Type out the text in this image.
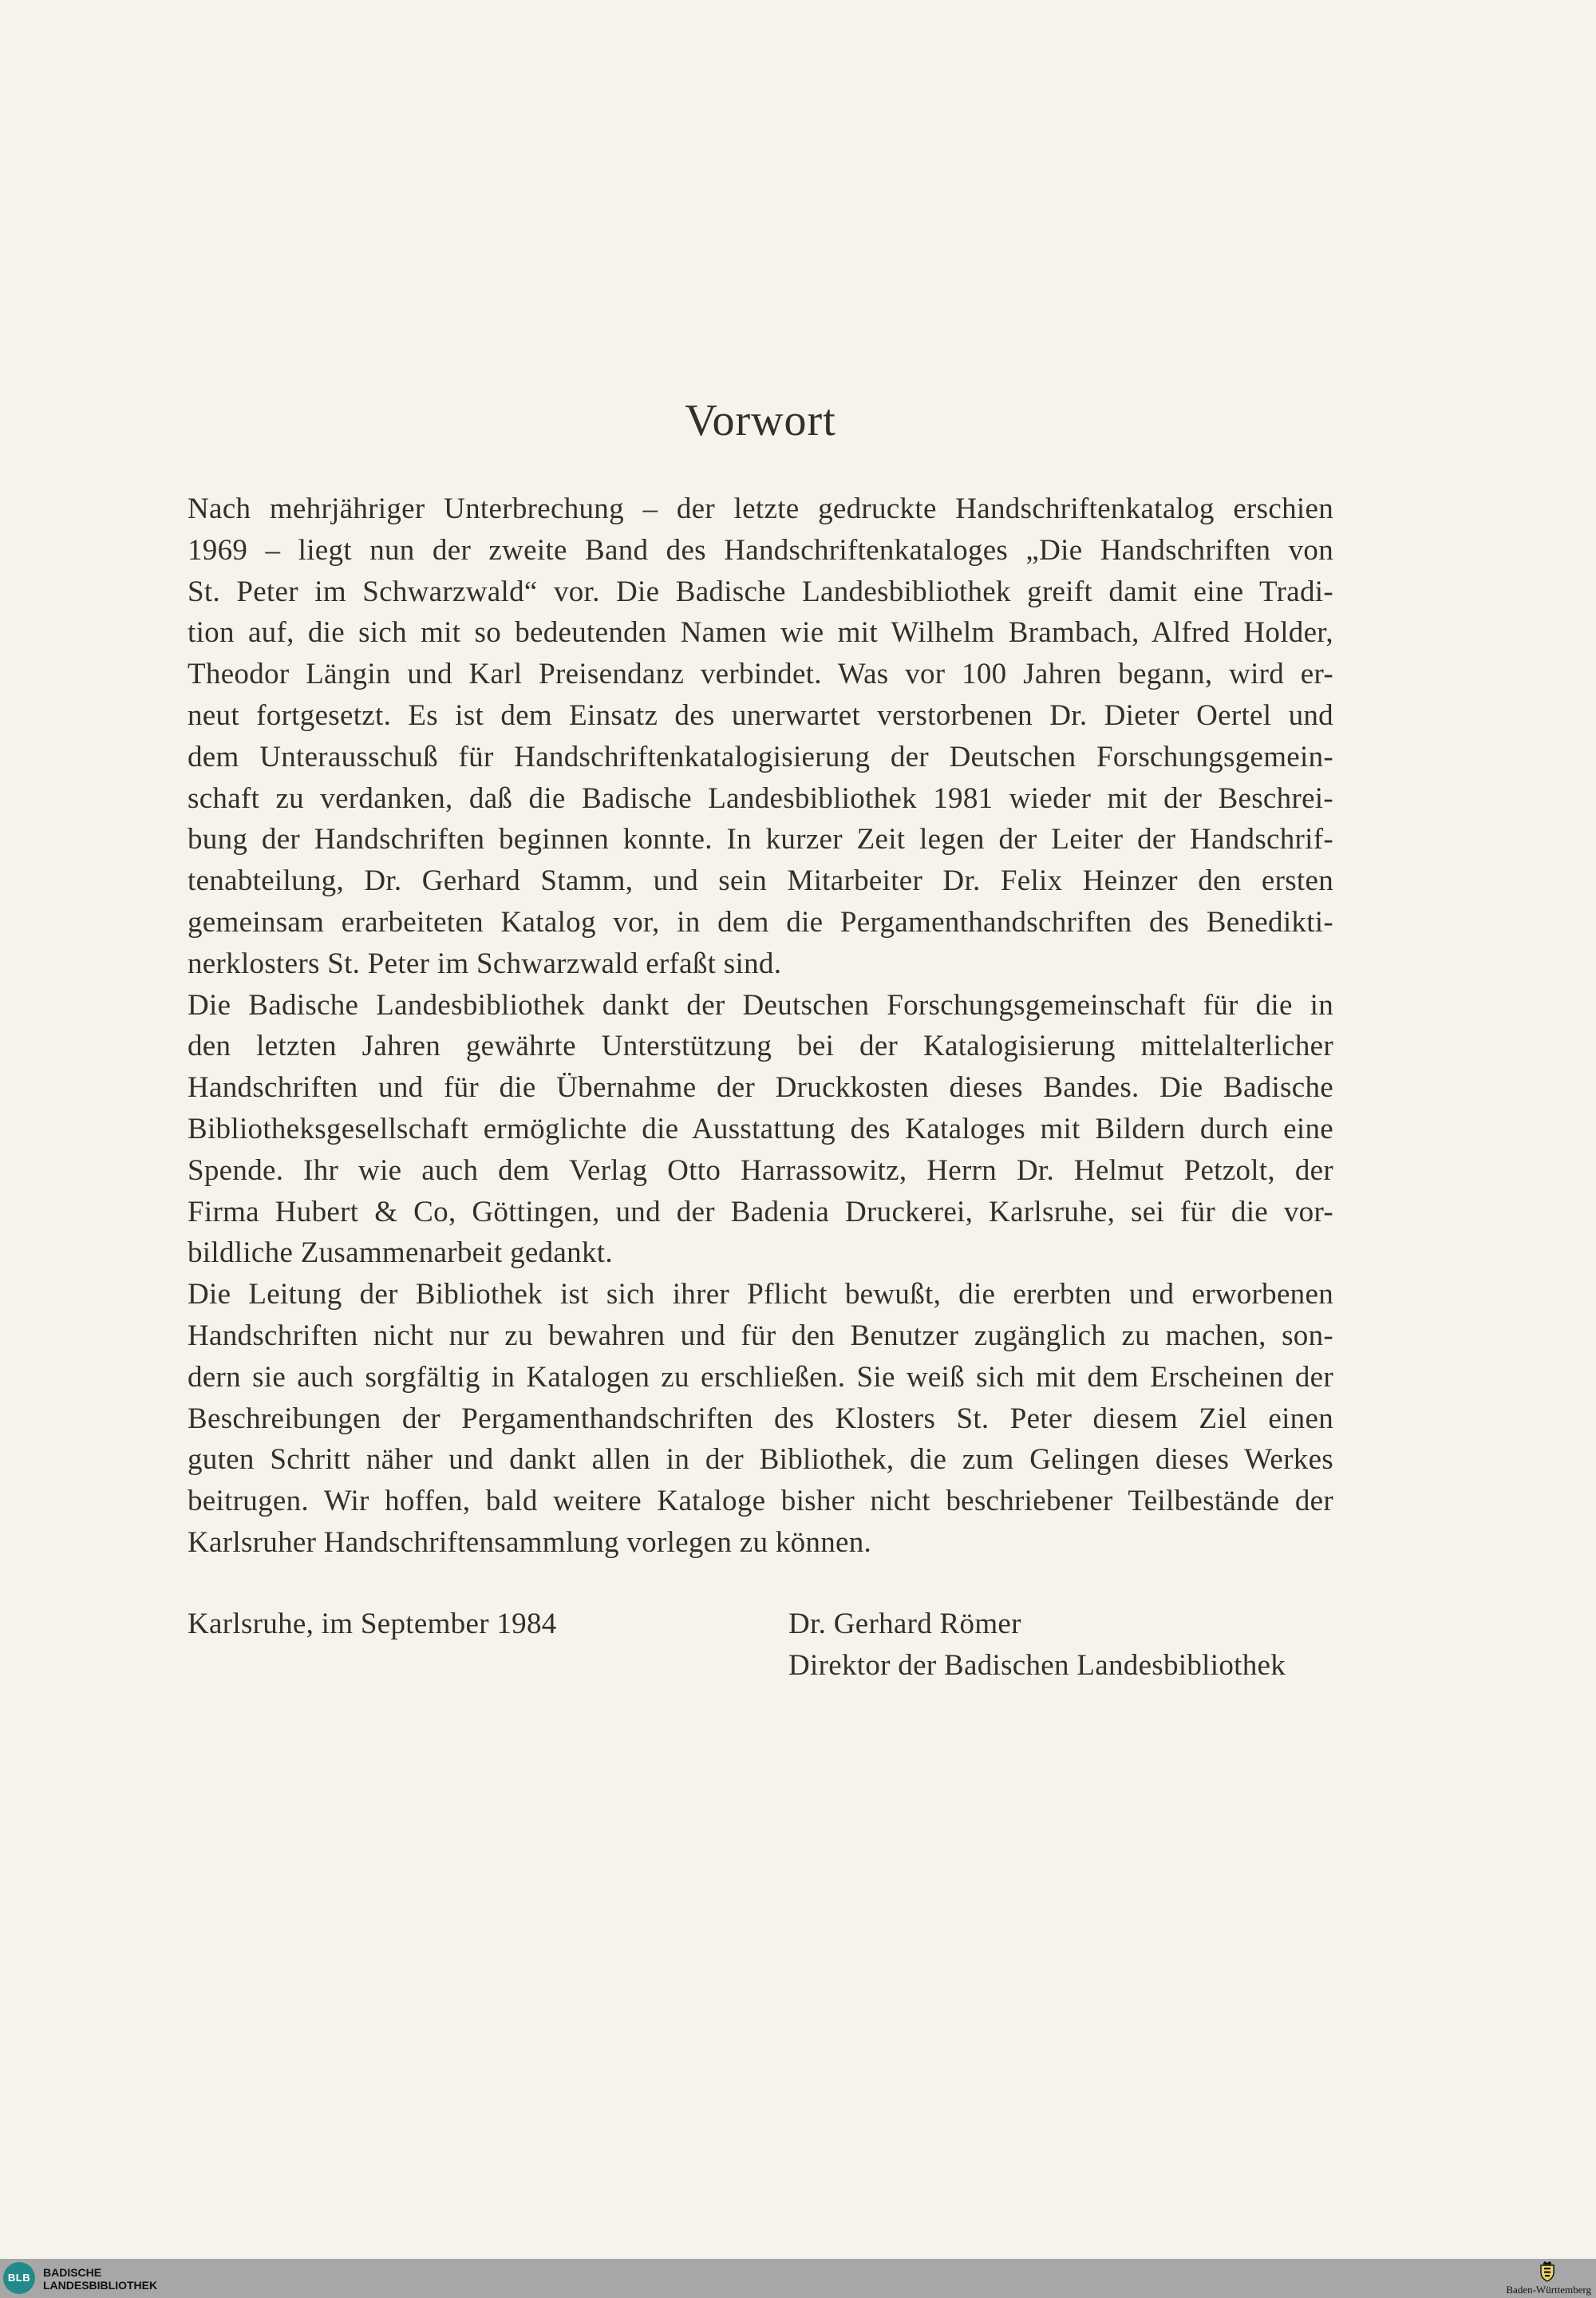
Vorwort
Nach mehrjähriger Unterbrechung – der letzte gedruckte Handschriftenkatalog erschien
1969 – liegt nun der zweite Band des Handschriftenkataloges „Die Handschriften von
St. Peter im Schwarzwald“ vor. Die Badische Landesbibliothek greift damit eine Tradi-
tion auf, die sich mit so bedeutenden Namen wie mit Wilhelm Brambach, Alfred Holder,
Theodor Längin und Karl Preisendanz verbindet. Was vor 100 Jahren begann, wird er-
neut fortgesetzt. Es ist dem Einsatz des unerwartet verstorbenen Dr. Dieter Oertel und
dem Unterausschuß für Handschriftenkatalogisierung der Deutschen Forschungsgemein-
schaft zu verdanken, daß die Badische Landesbibliothek 1981 wieder mit der Beschrei-
bung der Handschriften beginnen konnte. In kurzer Zeit legen der Leiter der Handschrif-
tenabteilung, Dr. Gerhard Stamm, und sein Mitarbeiter Dr. Felix Heinzer den ersten
gemeinsam erarbeiteten Katalog vor, in dem die Pergamenthandschriften des Benedikti-
nerklosters St. Peter im Schwarzwald erfaßt sind.
Die Badische Landesbibliothek dankt der Deutschen Forschungsgemeinschaft für die in
den letzten Jahren gewährte Unterstützung bei der Katalogisierung mittelalterlicher
Handschriften und für die Übernahme der Druckkosten dieses Bandes. Die Badische
Bibliotheksgesellschaft ermöglichte die Ausstattung des Kataloges mit Bildern durch eine
Spende. Ihr wie auch dem Verlag Otto Harrassowitz, Herrn Dr. Helmut Petzolt, der
Firma Hubert & Co, Göttingen, und der Badenia Druckerei, Karlsruhe, sei für die vor-
bildliche Zusammenarbeit gedankt.
Die Leitung der Bibliothek ist sich ihrer Pflicht bewußt, die ererbten und erworbenen
Handschriften nicht nur zu bewahren und für den Benutzer zugänglich zu machen, son-
dern sie auch sorgfältig in Katalogen zu erschließen. Sie weiß sich mit dem Erscheinen der
Beschreibungen der Pergamenthandschriften des Klosters St. Peter diesem Ziel einen
guten Schritt näher und dankt allen in der Bibliothek, die zum Gelingen dieses Werkes
beitrugen. Wir hoffen, bald weitere Kataloge bisher nicht beschriebener Teilbestände der
Karlsruher Handschriftensammlung vorlegen zu können.
Karlsruhe, im September 1984	Dr. Gerhard Römer
Direktor der Badischen Landesbibliothek
BLB	BADISCHE
LANDESBIBLIOTHEK	Baden-Württemberg
